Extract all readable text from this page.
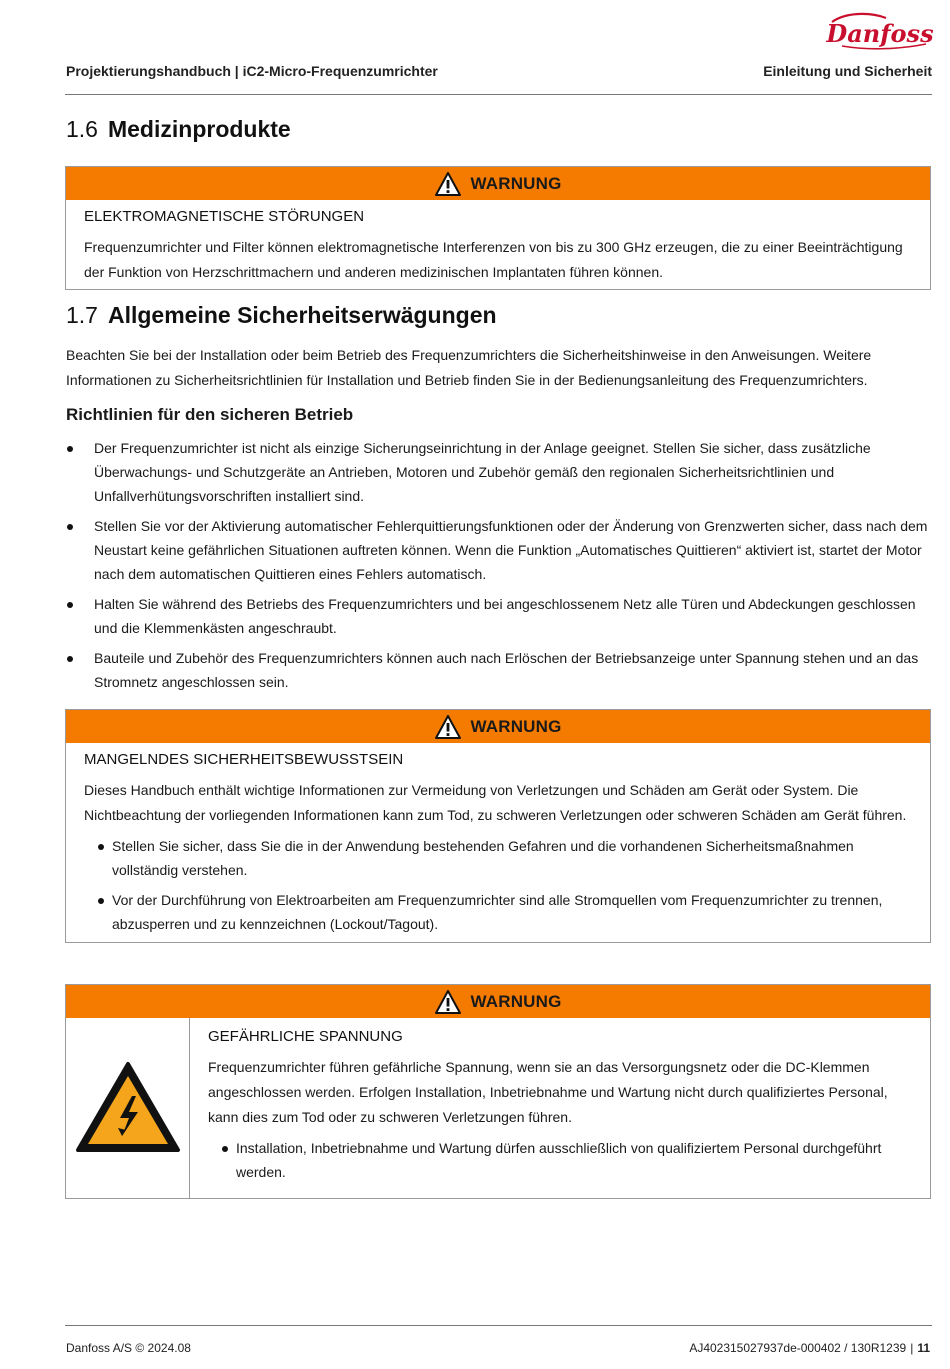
Danfoss
Projektierungshandbuch | iC2-Micro-Frequenzumrichter	Einleitung und Sicherheit
1.6 Medizinprodukte
WARNUNG
ELEKTROMAGNETISCHE STÖRUNGEN
Frequenzumrichter und Filter können elektromagnetische Interferenzen von bis zu 300 GHz erzeugen, die zu einer Beeinträchtigung der Funktion von Herzschrittmachern und anderen medizinischen Implantaten führen können.
1.7 Allgemeine Sicherheitserwägungen
Beachten Sie bei der Installation oder beim Betrieb des Frequenzumrichters die Sicherheitshinweise in den Anweisungen. Weitere Informationen zu Sicherheitsrichtlinien für Installation und Betrieb finden Sie in der Bedienungsanleitung des Frequenzumrichters.
Richtlinien für den sicheren Betrieb
Der Frequenzumrichter ist nicht als einzige Sicherungseinrichtung in der Anlage geeignet. Stellen Sie sicher, dass zusätzliche Überwachungs- und Schutzgeräte an Antrieben, Motoren und Zubehör gemäß den regionalen Sicherheitsrichtlinien und Unfallverhütungsvorschriften installiert sind.
Stellen Sie vor der Aktivierung automatischer Fehlerquittierungsfunktionen oder der Änderung von Grenzwerten sicher, dass nach dem Neustart keine gefährlichen Situationen auftreten können. Wenn die Funktion „Automatisches Quittieren“ aktiviert ist, startet der Motor nach dem automatischen Quittieren eines Fehlers automatisch.
Halten Sie während des Betriebs des Frequenzumrichters und bei angeschlossenem Netz alle Türen und Abdeckungen geschlossen und die Klemmenkästen angeschraubt.
Bauteile und Zubehör des Frequenzumrichters können auch nach Erlöschen der Betriebsanzeige unter Spannung stehen und an das Stromnetz angeschlossen sein.
WARNUNG
MANGELNDES SICHERHEITSBEWUSSTSEIN
Dieses Handbuch enthält wichtige Informationen zur Vermeidung von Verletzungen und Schäden am Gerät oder System. Die Nichtbeachtung der vorliegenden Informationen kann zum Tod, zu schweren Verletzungen oder schweren Schäden am Gerät führen.
Stellen Sie sicher, dass Sie die in der Anwendung bestehenden Gefahren und die vorhandenen Sicherheitsmaßnahmen vollständig verstehen.
Vor der Durchführung von Elektroarbeiten am Frequenzumrichter sind alle Stromquellen vom Frequenzumrichter zu trennen, abzusperren und zu kennzeichnen (Lockout/Tagout).
WARNUNG
GEFÄHRLICHE SPANNUNG
Frequenzumrichter führen gefährliche Spannung, wenn sie an das Versorgungsnetz oder die DC-Klemmen angeschlossen werden. Erfolgen Installation, Inbetriebnahme und Wartung nicht durch qualifiziertes Personal, kann dies zum Tod oder zu schweren Verletzungen führen.
Installation, Inbetriebnahme und Wartung dürfen ausschließlich von qualifiziertem Personal durchgeführt werden.
Danfoss A/S © 2024.08	AJ402315027937de-000402 / 130R1239 | 11
